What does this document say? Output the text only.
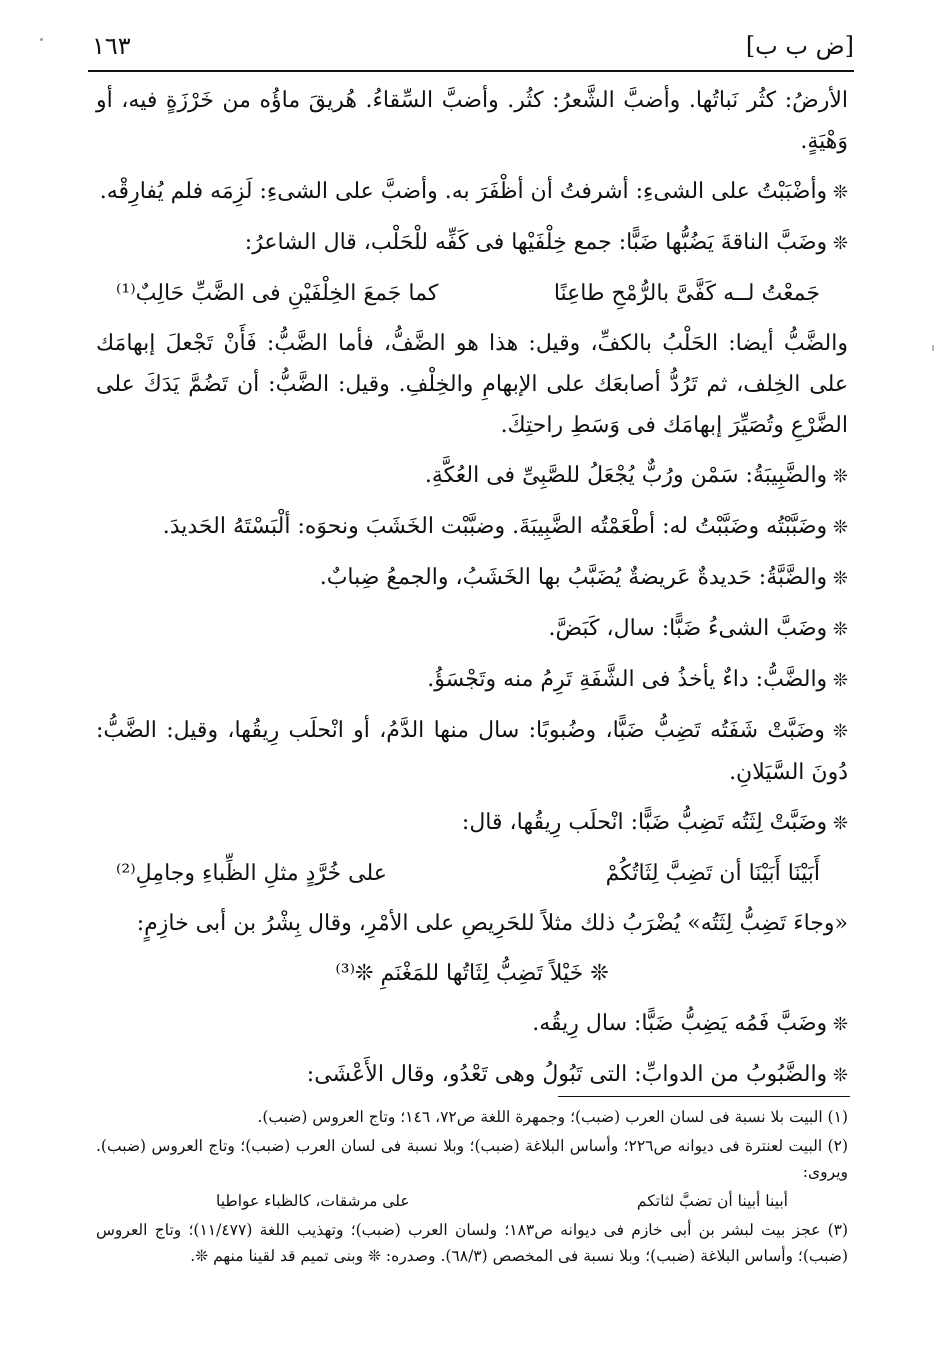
[ض ب ب]
١٦٣

الأرضُ: كثُر نَباتُها. وأضبَّ الشَّعرُ: كثُر. وأضبَّ السِّقاءُ. هُريقَ ماؤُه من خَرْزَةٍ فيه، أو وَهْيَةٍ.

❊ وأضْبَبْتُ على الشىءِ: أشرفتُ أن أظْفَرَ به. وأضبَّ على الشىءِ: لَزِمَه فلم يُفارِقْه.

❊ وضَبَّ الناقةَ يَضُبُّها ضَبًّا: جمع خِلْفَيْها فى كَفِّه للْحَلْب، قال الشاعرُ:

جَمعْتُ لــه كَفَّىَّ بالرُّمْحِ طاعِنًا
كما جَمعَ الخِلْفَيْنِ فى الضَّبِّ حَالِبٌ⁽¹⁾

والضَّبُّ أيضا: الحَلْبُ بالكفِّ، وقيل: هذا هو الضَّفُّ، فأما الضَّبُّ: فَأَنْ تَجْعلَ إبهامَك على الخِلف، ثم تَرُدُّ أصابعَك على الإبهامِ والخِلْفِ. وقيل: الضَّبُّ: أن تَضُمَّ يَدَكَ على الضَّرْعِ وتُصَيِّرَ إبهامَك فى وَسَطِ راحتِكَ.

❊ والضَّبِيبَةُ: سَمْن ورُبٌّ يُجْعَلُ للصَّبِىِّ فى العُكَّةِ.

❊ وضَبَّبْتُه وضَبَّبْتُ له: أطْعَمْتُه الضَّبِيبَةَ. وضبَّبْت الخَشَبَ ونحوَه: ألْبَسْتَهُ الحَديدَ.

❊ والضَّبَّةُ: حَديدةٌ عَريضةٌ يُضَبَّبُ بها الخَشَبُ، والجمعُ ضِبابٌ.

❊ وضَبَّ الشىءُ ضَبًّا: سال، كَبَضَّ.

❊ والضَّبُّ: داءٌ يأخذُ فى الشَّفَةِ تَرِمُ منه وتَجْسَؤُ.

❊ وضَبَّتْ شَفَتُه تَضِبُّ ضَبًّا، وضُبوبًا: سال منها الدَّمُ، أو انْحلَب رِيقُها، وقيل: الضَّبُّ: دُونَ السَّيَلانِ.

❊ وضَبَّتْ لِثَتُه تَضِبُّ ضَبًّا: انْحلَب رِيقُها، قال:

أَبَيْنَا أَبَيْنَا أن تَضِبَّ لِثَاتُكُمْ
على خُرَّدٍ مثلِ الظِّباءِ وجامِلِ⁽²⁾

«وجاءَ تَضِبُّ لِثَتُه» يُضْرَبُ ذلك مثلاً للحَرِيصِ على الأمْرِ، وقال بِشْرُ بن أبى خازِمٍ:

❊ خَيْلاً تَضِبُّ لِثَاتُها للمَغْنَمِ ❊⁽³⁾

❊ وضَبَّ فَمُه يَضِبُّ ضَبًّا: سال رِيقُه.

❊ والضَّبُوبُ من الدوابِّ: التى تَبُولُ وهى تَعْدُو، وقال الأَعْشَى:

(١) البيت بلا نسبة فى لسان العرب (ضبب)؛ وجمهرة اللغة ص٧٢، ١٤٦؛ وتاج العروس (ضبب).

(٢) البيت لعنترة فى ديوانه ص٢٢٦؛ وأساس البلاغة (ضبب)؛ وبلا نسبة فى لسان العرب (ضبب)؛ وتاج العروس (ضبب). ويروى:

أبينا أبينا أن تضبَّ لثاتكم
على مرشقات، كالظباء عواطيا

(٣) عجز بيت لبشر بن أبى خازم فى ديوانه ص١٨٣؛ ولسان العرب (ضبب)؛ وتهذيب اللغة (١١/٤٧٧)؛ وتاج العروس (ضبب)؛ وأساس البلاغة (ضبب)؛ وبلا نسبة فى المخصص (٦٨/٣). وصدره: ❊ وبنى تميم قد لقينا منهم ❊.
